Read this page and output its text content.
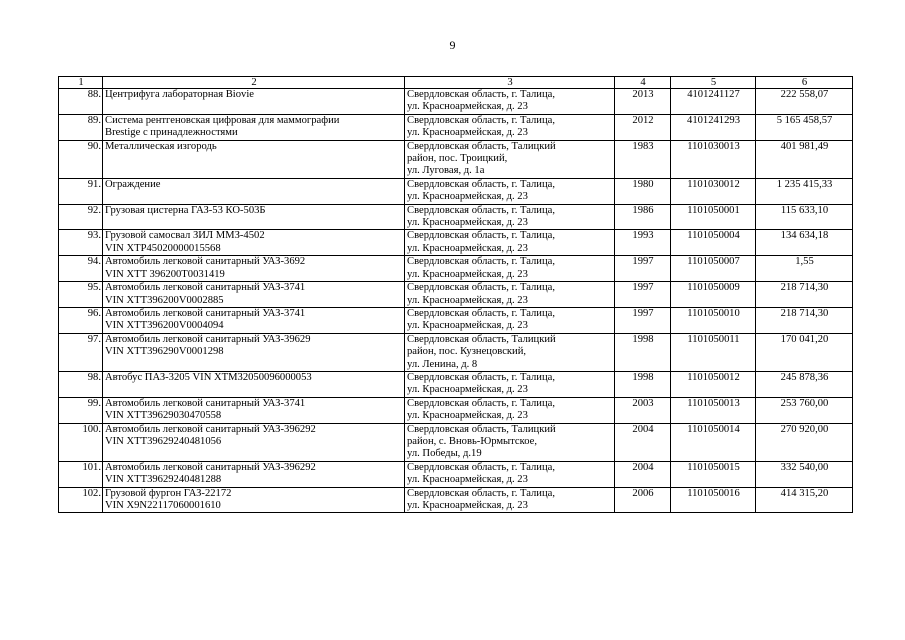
9
1	2	3	4	5	6
88.	Центрифуга лабораторная Biovie	Свердловская область, г. Талица,
ул. Красноармейская, д. 23	2013	4101241127	222 558,07
89.	Система рентгеновская цифровая для маммографии
Brestige с принадлежностями	Свердловская область, г. Талица,
ул. Красноармейская, д. 23	2012	4101241293	5 165 458,57
90.	Металлическая изгородь	Свердловская область, Талицкий
район, пос. Троицкий,
ул. Луговая, д. 1а	1983	1101030013	401 981,49
91.	Ограждение	Свердловская область, г. Талица,
ул. Красноармейская, д. 23	1980	1101030012	1 235 415,33
92.	Грузовая цистерна ГАЗ-53 КО-503Б	Свердловская область, г. Талица,
ул. Красноармейская, д. 23	1986	1101050001	115 633,10
93.	Грузовой самосвал ЗИЛ ММЗ-4502
VIN XTP45020000015568	Свердловская область, г. Талица,
ул. Красноармейская, д. 23	1993	1101050004	134 634,18
94.	Автомобиль легковой санитарный УАЗ-3692
VIN XTT 396200T0031419	Свердловская область, г. Талица,
ул. Красноармейская, д. 23	1997	1101050007	1,55
95.	Автомобиль легковой санитарный УАЗ-3741
VIN XTT396200V0002885	Свердловская область, г. Талица,
ул. Красноармейская, д. 23	1997	1101050009	218 714,30
96.	Автомобиль легковой санитарный УАЗ-3741
VIN XTT396200V0004094	Свердловская область, г. Талица,
ул. Красноармейская, д. 23	1997	1101050010	218 714,30
97.	Автомобиль легковой санитарный УАЗ-39629
VIN XTT396290V0001298	Свердловская область, Талицкий
район, пос. Кузнецовский,
ул. Ленина, д. 8	1998	1101050011	170 041,20
98.	Автобус ПАЗ-3205 VIN XTM32050096000053	Свердловская область, г. Талица,
ул. Красноармейская, д. 23	1998	1101050012	245 878,36
99.	Автомобиль легковой санитарный УАЗ-3741
VIN XTT39629030470558	Свердловская область, г. Талица,
ул. Красноармейская, д. 23	2003	1101050013	253 760,00
100.	Автомобиль легковой санитарный УАЗ-396292
VIN XTT39629240481056	Свердловская область, Талицкий
район, с. Вновь-Юрмытское,
ул. Победы, д.19	2004	1101050014	270 920,00
101.	Автомобиль легковой санитарный УАЗ-396292
VIN XTT39629240481288	Свердловская область, г. Талица,
ул. Красноармейская, д. 23	2004	1101050015	332 540,00
102.	Грузовой фургон ГАЗ-22172
VIN X9N22117060001610	Свердловская область, г. Талица,
ул. Красноармейская, д. 23	2006	1101050016	414 315,20
